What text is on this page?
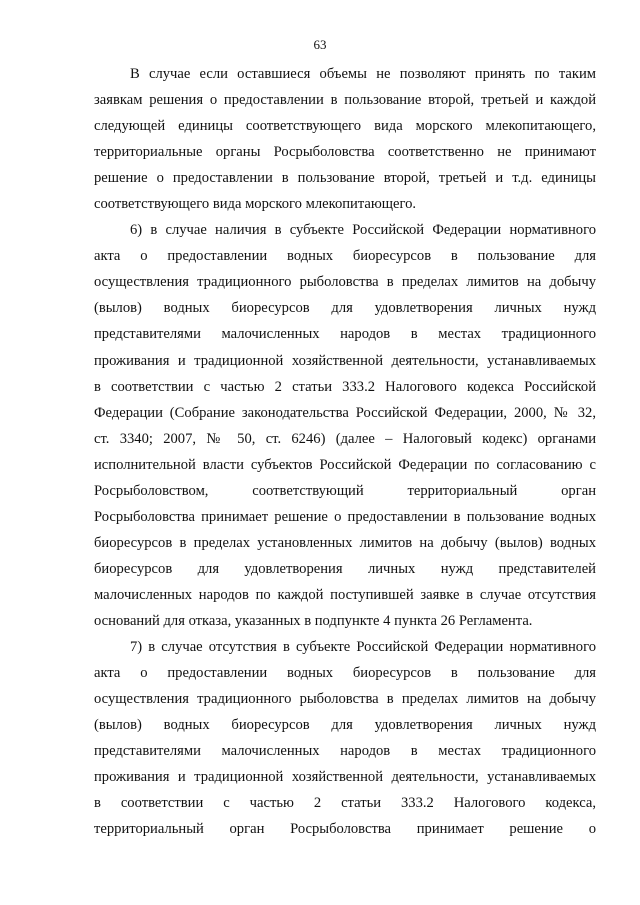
63
В случае если оставшиеся объемы не позволяют принять по таким
заявкам решения о предоставлении в пользование второй, третьей и каждой
следующей единицы соответствующего вида морского млекопитающего,
территориальные органы Росрыболовства соответственно не принимают
решение о предоставлении в пользование второй, третьей и т.д. единицы
соответствующего вида морского млекопитающего.
6) в случае наличия в субъекте Российской Федерации нормативного
акта о предоставлении водных биоресурсов в пользование для
осуществления традиционного рыболовства в пределах лимитов на добычу
(вылов) водных биоресурсов для удовлетворения личных нужд
представителями малочисленных народов в местах традиционного
проживания и традиционной хозяйственной деятельности, устанавливаемых
в соответствии с частью 2 статьи 333.2 Налогового кодекса Российской
Федерации (Собрание законодательства Российской Федерации, 2000, № 32,
ст. 3340; 2007, № 50, ст. 6246) (далее – Налоговый кодекс) органами
исполнительной власти субъектов Российской Федерации по согласованию с
Росрыболовством, соответствующий территориальный орган
Росрыболовства принимает решение о предоставлении в пользование водных
биоресурсов в пределах установленных лимитов на добычу (вылов) водных
биоресурсов для удовлетворения личных нужд представителей
малочисленных народов по каждой поступившей заявке в случае отсутствия
оснований для отказа, указанных в подпункте 4 пункта 26 Регламента.
7) в случае отсутствия в субъекте Российской Федерации нормативного
акта о предоставлении водных биоресурсов в пользование для
осуществления традиционного рыболовства в пределах лимитов на добычу
(вылов) водных биоресурсов для удовлетворения личных нужд
представителями малочисленных народов в местах традиционного
проживания и традиционной хозяйственной деятельности, устанавливаемых
в соответствии с частью 2 статьи 333.2 Налогового кодекса,
территориальный орган Росрыболовства принимает решение о
